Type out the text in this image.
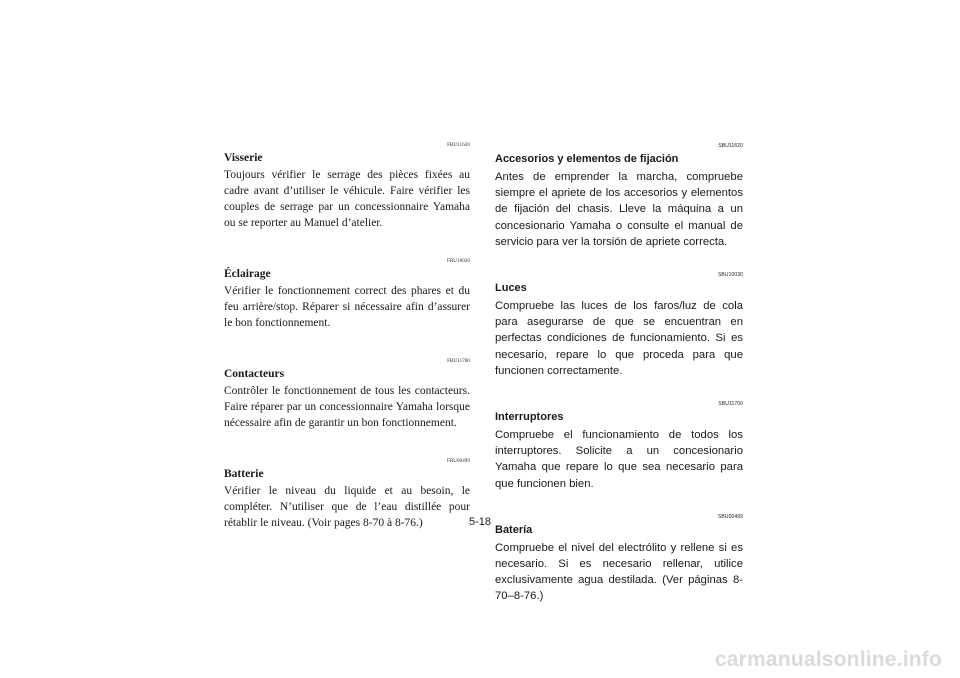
FBU11620
Visserie
Toujours vérifier le serrage des pièces fixées au cadre avant d’utiliser le véhicule. Faire vérifier les couples de serrage par un concessionnaire Yamaha ou se reporter au Manuel d’atelier.
FBU10030
Éclairage
Vérifier le fonctionnement correct des phares et du feu arrière/stop. Réparer si nécessaire afin d’assurer le bon fonctionnement.
FBU11700
Contacteurs
Contrôler le fonctionnement de tous les contacteurs. Faire réparer par un concessionnaire Yamaha lorsque nécessaire afin de garantir un bon fonctionnement.
FBU00499
Batterie
Vérifier le niveau du liquide et au besoin, le compléter. N’utiliser que de l’eau distillée pour rétablir le niveau. (Voir pages 8-70 à 8-76.)
SBU11620
Accesorios y elementos de fijación
Antes de emprender la marcha, compruebe siempre el apriete de los accesorios y elementos de fijación del chasis. Lleve la máquina a un concesionario Yamaha o consulte el manual de servicio para ver la torsión de apriete correcta.
SBU10030
Luces
Compruebe las luces de los faros/luz de cola para asegurarse de que se encuentran en perfectas condiciones de funcionamiento. Si es necesario, repare lo que proceda para que funcionen correctamente.
SBU11700
Interruptores
Compruebe el funcionamiento de todos los interruptores. Solicite a un concesionario Yamaha que repare lo que sea necesario para que funcionen bien.
SBU00499
Batería
Compruebe el nivel del electrólito y rellene si es necesario. Si es necesario rellenar, utilice exclusivamente agua destilada. (Ver páginas 8-70–8-76.)
5-18
carmanualsonline.info
